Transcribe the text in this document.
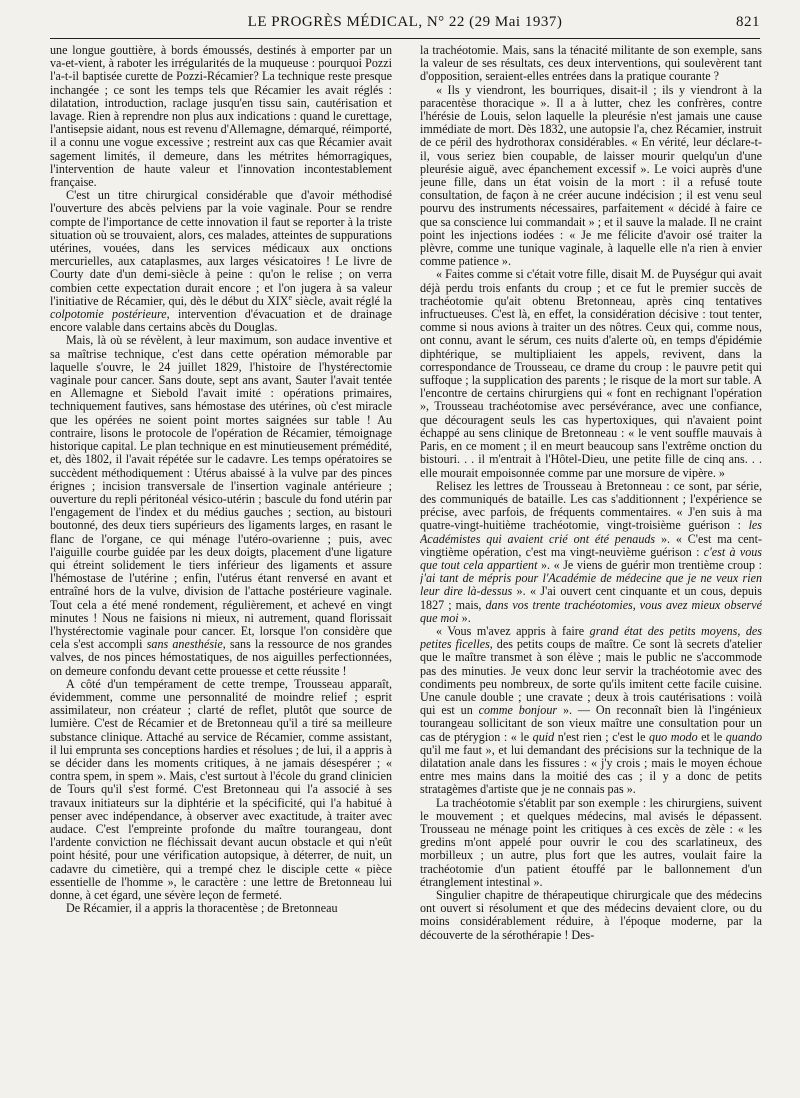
LE PROGRÈS MÉDICAL, N° 22 (29 Mai 1937)	821

une longue gouttière, à bords émoussés, destinés à emporter par un va-et-vient, à raboter les irrégularités de la muqueuse : pourquoi Pozzi l'a-t-il baptisée curette de Pozzi-Récamier? La technique reste presque inchangée ; ce sont les temps tels que Récamier les avait réglés : dilatation, introduction, raclage jusqu'en tissu sain, cautérisation et lavage. Rien à reprendre non plus aux indications : quand le curettage, l'antisepsie aidant, nous est revenu d'Allemagne, démarqué, réimporté, il a connu une vogue excessive ; restreint aux cas que Récamier avait sagement limités, il demeure, dans les métrites hémorragiques, l'intervention de haute valeur et l'innovation incontestablement française.

C'est un titre chirurgical considérable que d'avoir méthodisé l'ouverture des abcès pelviens par la voie vaginale. Pour se rendre compte de l'importance de cette innovation il faut se reporter à la triste situation où se trouvaient, alors, ces malades, atteintes de suppurations utérines, vouées, dans les services médicaux aux onctions mercurielles, aux cataplasmes, aux larges vésicatoires ! Le livre de Courty date d'un demi-siècle à peine : qu'on le relise ; on verra combien cette expectation durait encore ; et l'on jugera à sa valeur l'initiative de Récamier, qui, dès le début du XIXe siècle, avait réglé la colpotomie postérieure, intervention d'évacuation et de drainage encore valable dans certains abcès du Douglas.

Mais, là où se révèlent, à leur maximum, son audace inventive et sa maîtrise technique, c'est dans cette opération mémorable par laquelle s'ouvre, le 24 juillet 1829, l'histoire de l'hystérectomie vaginale pour cancer. Sans doute, sept ans avant, Sauter l'avait tentée en Allemagne et Siebold l'avait imité : opérations primaires, techniquement fautives, sans hémostase des utérines, où c'est miracle que les opérées ne soient point mortes saignées sur table ! Au contraire, lisons le protocole de l'opération de Récamier, témoignage historique capital. Le plan technique en est minutieusement prémédité, et, dès 1802, il l'avait répétée sur le cadavre. Les temps opératoires se succèdent méthodiquement : Utérus abaissé à la vulve par des pinces érignes ; incision transversale de l'insertion vaginale antérieure ; ouverture du repli péritonéal vésico-utérin ; bascule du fond utérin par l'engagement de l'index et du médius gauches ; section, au bistouri boutonné, des deux tiers supérieurs des ligaments larges, en rasant le flanc de l'organe, ce qui ménage l'utéro-ovarienne ; puis, avec l'aiguille courbe guidée par les deux doigts, placement d'une ligature qui étreint solidement le tiers inférieur des ligaments et assure l'hémostase de l'utérine ; enfin, l'utérus étant renversé en avant et entraîné hors de la vulve, division de l'attache postérieure vaginale. Tout cela a été mené rondement, régulièrement, et achevé en vingt minutes ! Nous ne faisions ni mieux, ni autrement, quand florissait l'hystérectomie vaginale pour cancer. Et, lorsque l'on considère que cela s'est accompli sans anesthésie, sans la ressource de nos grandes valves, de nos pinces hémostatiques, de nos aiguilles perfectionnées, on demeure confondu devant cette prouesse et cette réussite !

A côté d'un tempérament de cette trempe, Trousseau apparaît, évidemment, comme une personnalité de moindre relief ; esprit assimilateur, non créateur ; clarté de reflet, plutôt que source de lumière. C'est de Récamier et de Bretonneau qu'il a tiré sa meilleure substance clinique. Attaché au service de Récamier, comme assistant, il lui emprunta ses conceptions hardies et résolues ; de lui, il a appris à se décider dans les moments critiques, à ne jamais désespérer ; « contra spem, in spem ». Mais, c'est surtout à l'école du grand clinicien de Tours qu'il s'est formé. C'est Bretonneau qui l'a associé à ses travaux initiateurs sur la diphtérie et la spécificité, qui l'a habitué à penser avec indépendance, à observer avec exactitude, à traiter avec audace. C'est l'empreinte profonde du maître tourangeau, dont l'ardente conviction ne fléchissait devant aucun obstacle et qui n'eût point hésité, pour une vérification autopsique, à déterrer, de nuit, un cadavre du cimetière, qui a trempé chez le disciple cette « pièce essentielle de l'homme », le caractère : une lettre de Bretonneau lui donne, à cet égard, une sévère leçon de fermeté.

De Récamier, il a appris la thoracentèse ; de Bretonneau

la trachéotomie. Mais, sans la ténacité militante de son exemple, sans la valeur de ses résultats, ces deux interventions, qui soulevèrent tant d'opposition, seraient-elles entrées dans la pratique courante ?

« Ils y viendront, les bourriques, disait-il ; ils y viendront à la paracentèse thoracique ». Il a à lutter, chez les confrères, contre l'hérésie de Louis, selon laquelle la pleurésie n'est jamais une cause immédiate de mort. Dès 1832, une autopsie l'a, chez Récamier, instruit de ce péril des hydrothorax considérables. « En vérité, leur déclare-t-il, vous seriez bien coupable, de laisser mourir quelqu'un d'une pleurésie aiguë, avec épanchement excessif ». Le voici auprès d'une jeune fille, dans un état voisin de la mort : il a refusé toute consultation, de façon à ne créer aucune indécision ; il est venu seul pourvu des instruments nécessaires, parfaitement « décidé à faire ce que sa conscience lui commandait » ; et il sauve la malade. Il ne craint point les injections iodées : « Je me félicite d'avoir osé traiter la plèvre, comme une tunique vaginale, à laquelle elle n'a rien à envier comme patience ».

« Faites comme si c'était votre fille, disait M. de Puységur qui avait déjà perdu trois enfants du croup ; et ce fut le premier succès de trachéotomie qu'ait obtenu Bretonneau, après cinq tentatives infructueuses. C'est là, en effet, la considération décisive : tout tenter, comme si nous avions à traiter un des nôtres. Ceux qui, comme nous, ont connu, avant le sérum, ces nuits d'alerte où, en temps d'épidémie diphtérique, se multipliaient les appels, revivent, dans la correspondance de Trousseau, ce drame du croup : le pauvre petit qui suffoque ; la supplication des parents ; le risque de la mort sur table. A l'encontre de certains chirurgiens qui « font en rechignant l'opération », Trousseau trachéotomise avec persévérance, avec une confiance, que découragent seuls les cas hypertoxiques, qui n'avaient point échappé au sens clinique de Bretonneau : « le vent souffle mauvais à Paris, en ce moment ; il en meurt beaucoup sans l'extrême onction du bistouri. . . il m'entrait à l'Hôtel-Dieu, une petite fille de cinq ans. . . elle mourait empoisonnée comme par une morsure de vipère. »

Relisez les lettres de Trousseau à Bretonneau : ce sont, par série, des communiqués de bataille. Les cas s'additionnent ; l'expérience se précise, avec parfois, de fréquents commentaires. « J'en suis à ma quatre-vingt-huitième trachéotomie, vingt-troisième guérison : les Académistes qui avaient crié ont été penauds ». « C'est ma cent-vingtième opération, c'est ma vingt-neuvième guérison : c'est à vous que tout cela appartient ». « Je viens de guérir mon trentième croup : j'ai tant de mépris pour l'Académie de médecine que je ne veux rien leur dire là-dessus ». « J'ai ouvert cent cinquante et un cous, depuis 1827 ; mais, dans vos trente trachéotomies, vous avez mieux observé que moi ».

« Vous m'avez appris à faire grand état des petits moyens, des petites ficelles, des petits coups de maître. Ce sont là secrets d'atelier que le maître transmet à son élève ; mais le public ne s'accommode pas des minuties. Je veux donc leur servir la trachéotomie avec des condiments peu nombreux, de sorte qu'ils imitent cette facile cuisine. Une canule double ; une cravate ; deux à trois cautérisations : voilà qui est un comme bonjour ». — On reconnaît bien là l'ingénieux tourangeau sollicitant de son vieux maître une consultation pour un cas de ptérygion : « le quid n'est rien ; c'est le quo modo et le quando qu'il me faut », et lui demandant des précisions sur la technique de la dilatation anale dans les fissures : « j'y crois ; mais le moyen échoue entre mes mains dans la moitié des cas ; il y a donc de petits stratagèmes d'artiste que je ne connais pas ».

La trachéotomie s'établit par son exemple : les chirurgiens, suivent le mouvement ; et quelques médecins, mal avisés le dépassent. Trousseau ne ménage point les critiques à ces excès de zèle : « les gredins m'ont appelé pour ouvrir le cou des scarlatineux, des morbilleux ; un autre, plus fort que les autres, voulait faire la trachéotomie d'un patient étouffé par le ballonnement d'un étranglement intestinal ».

Singulier chapitre de thérapeutique chirurgicale que des médecins ont ouvert si résolument et que des médecins devaient clore, ou du moins considérablement réduire, à l'époque moderne, par la découverte de la sérothérapie ! Des-
